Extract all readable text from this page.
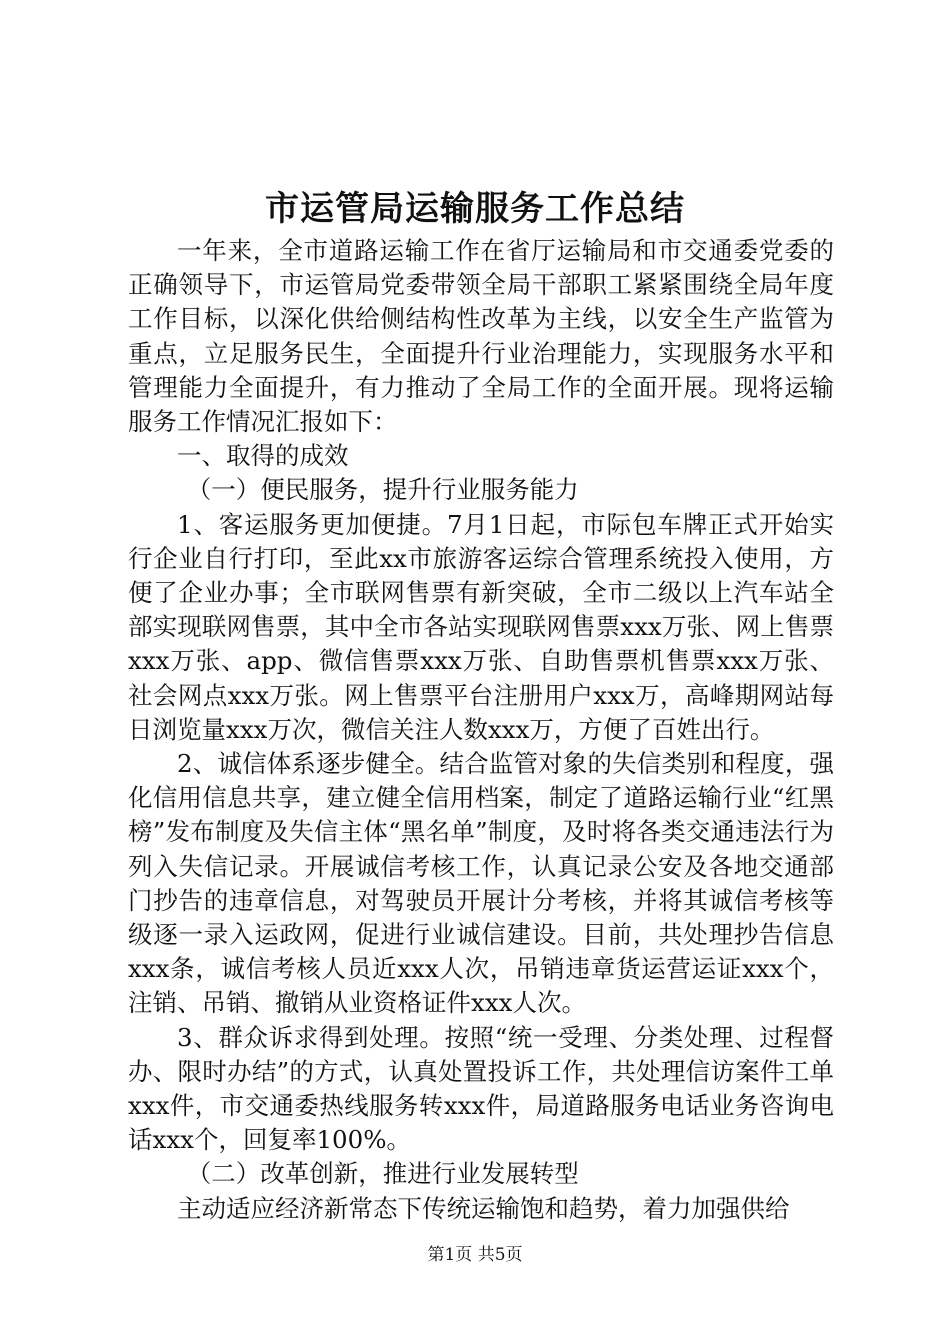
市运管局运输服务工作总结

一年来，全市道路运输工作在省厅运输局和市交通委党委的正确领导下，市运管局党委带领全局干部职工紧紧围绕全局年度工作目标，以深化供给侧结构性改革为主线，以安全生产监管为重点，立足服务民生，全面提升行业治理能力，实现服务水平和管理能力全面提升，有力推动了全局工作的全面开展。现将运输服务工作情况汇报如下：

一、取得的成效

（一）便民服务，提升行业服务能力

1、客运服务更加便捷。7月1日起，市际包车牌正式开始实行企业自行打印，至此xx市旅游客运综合管理系统投入使用，方便了企业办事；全市联网售票有新突破，全市二级以上汽车站全部实现联网售票，其中全市各站实现联网售票xxx万张、网上售票xxx万张、app、微信售票xxx万张、自助售票机售票xxx万张、社会网点xxx万张。网上售票平台注册用户xxx万，高峰期网站每日浏览量xxx万次，微信关注人数xxx万，方便了百姓出行。

2、诚信体系逐步健全。结合监管对象的失信类别和程度，强化信用信息共享，建立健全信用档案，制定了道路运输行业“红黑榜”发布制度及失信主体“黑名单”制度，及时将各类交通违法行为列入失信记录。开展诚信考核工作，认真记录公安及各地交通部门抄告的违章信息，对驾驶员开展计分考核，并将其诚信考核等级逐一录入运政网，促进行业诚信建设。目前，共处理抄告信息xxx条，诚信考核人员近xxx人次，吊销违章货运营运证xxx个，注销、吊销、撤销从业资格证件xxx人次。

3、群众诉求得到处理。按照“统一受理、分类处理、过程督办、限时办结”的方式，认真处置投诉工作，共处理信访案件工单xxx件，市交通委热线服务转xxx件，局道路服务电话业务咨询电话xxx个，回复率100%。

（二）改革创新，推进行业发展转型

主动适应经济新常态下传统运输饱和趋势，着力加强供给

第1页 共5页
